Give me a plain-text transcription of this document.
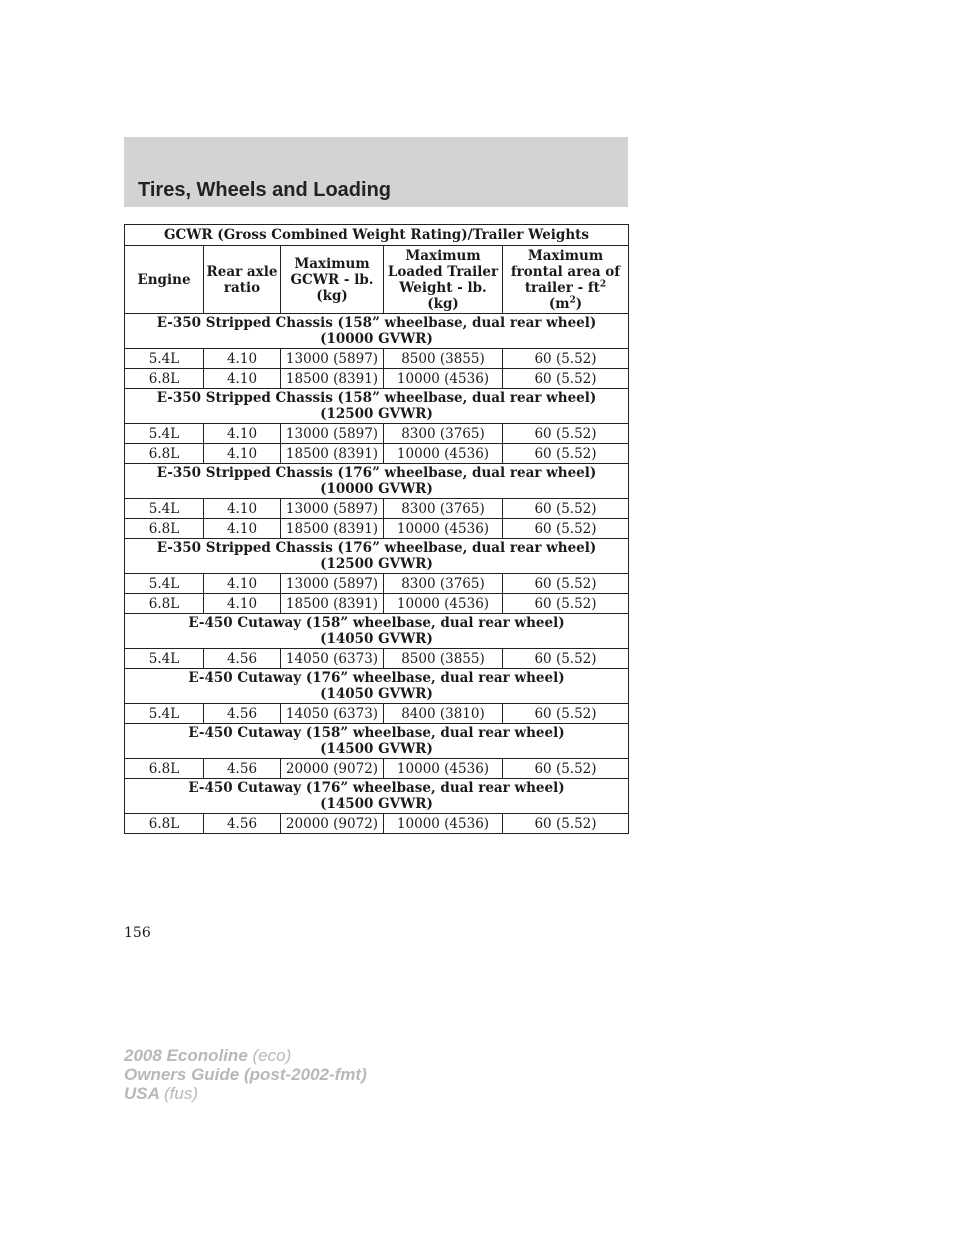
Tires, Wheels and Loading
GCWR (Gross Combined Weight Rating)/Trailer Weights				
Engine	Rear axle ratio	Maximum GCWR - lb. (kg)	Maximum Loaded Trailer Weight - lb. (kg)	Maximum frontal area of trailer - $ft^2$
$(m^2)$
E-350 Stripped Chassis (158” wheelbase, dual rear wheel)
(10000 GVWR)				
5.4L	4.10	13000 (5897)	8500 (3855)	60 (5.52)
6.8L	4.10	18500 (8391)	10000 (4536)	60 (5.52)
E-350 Stripped Chassis (158” wheelbase, dual rear wheel)
(12500 GVWR)				
5.4L	4.10	13000 (5897)	8300 (3765)	60 (5.52)
6.8L	4.10	18500 (8391)	10000 (4536)	60 (5.52)
E-350 Stripped Chassis (176” wheelbase, dual rear wheel)
(10000 GVWR)				
5.4L	4.10	13000 (5897)	8300 (3765)	60 (5.52)
6.8L	4.10	18500 (8391)	10000 (4536)	60 (5.52)
E-350 Stripped Chassis (176” wheelbase, dual rear wheel)
(12500 GVWR)				
5.4L	4.10	13000 (5897)	8300 (3765)	60 (5.52)
6.8L	4.10	18500 (8391)	10000 (4536)	60 (5.52)
E-450 Cutaway (158” wheelbase, dual rear wheel)
(14050 GVWR)				
5.4L	4.56	14050 (6373)	8500 (3855)	60 (5.52)
E-450 Cutaway (176” wheelbase, dual rear wheel)
(14050 GVWR)				
5.4L	4.56	14050 (6373)	8400 (3810)	60 (5.52)
E-450 Cutaway (158” wheelbase, dual rear wheel)
(14500 GVWR)				
6.8L	4.56	20000 (9072)	10000 (4536)	60 (5.52)
E-450 Cutaway (176” wheelbase, dual rear wheel)
(14500 GVWR)				
6.8L	4.56	20000 (9072)	10000 (4536)	60 (5.52)
156
2008 Econoline (eco)
Owners Guide (post-2002-fmt)
USA (fus)
